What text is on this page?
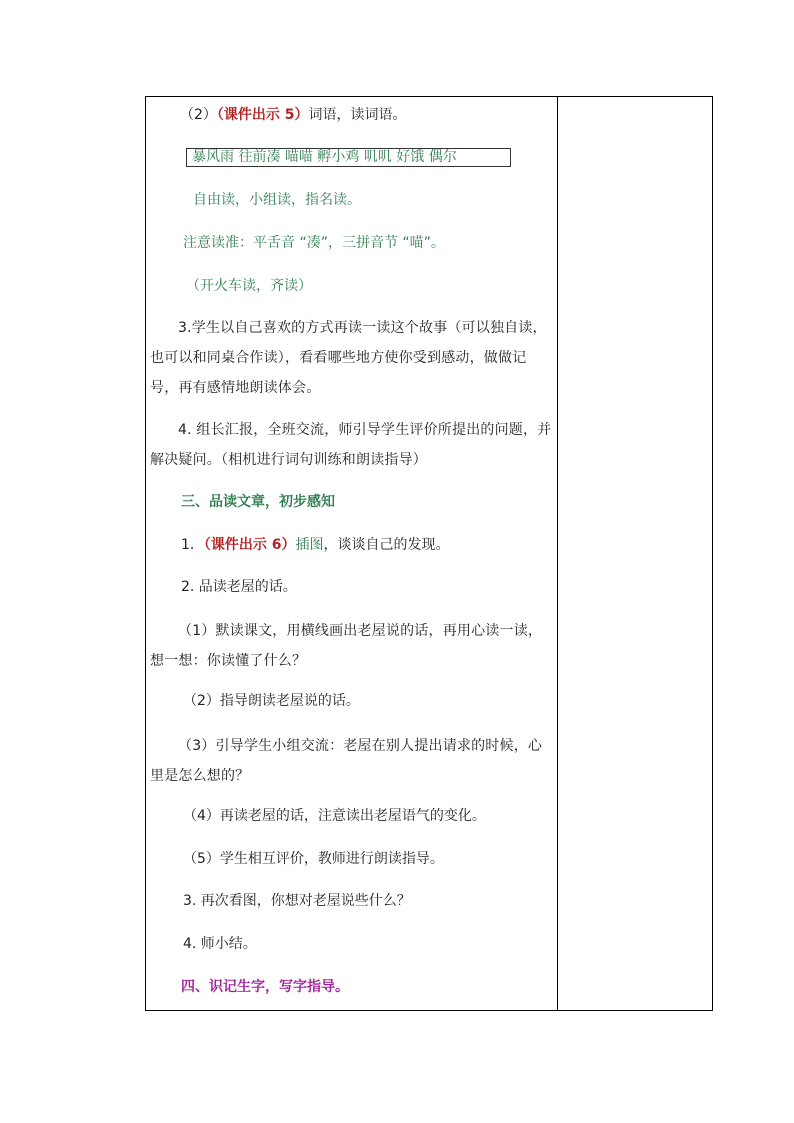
（2）（课件出示 5）词语，读词语。
暴风雨 往前凑 喵喵 孵小鸡 叽叽 好饿 偶尔
自由读，小组读，指名读。
注意读准：平舌音 “凑”，三拼音节 “喵”。
（开火车读，齐读）
3.学生以自己喜欢的方式再读一读这个故事（可以独自读，也可以和同桌合作读），看看哪些地方使你受到感动，做做记号，再有感情地朗读体会。
4. 组长汇报，全班交流，师引导学生评价所提出的问题，并解决疑问。（相机进行词句训练和朗读指导）
三、品读文章，初步感知
1．（课件出示 6）插图，谈谈自己的发现。
2. 品读老屋的话。
（1）默读课文，用横线画出老屋说的话，再用心读一读，想一想：你读懂了什么？
（2）指导朗读老屋说的话。
（3）引导学生小组交流：老屋在别人提出请求的时候，心里是怎么想的？
（4）再读老屋的话，注意读出老屋语气的变化。
（5）学生相互评价，教师进行朗读指导。
3. 再次看图，你想对老屋说些什么？
4. 师小结。
四、识记生字，写字指导。
